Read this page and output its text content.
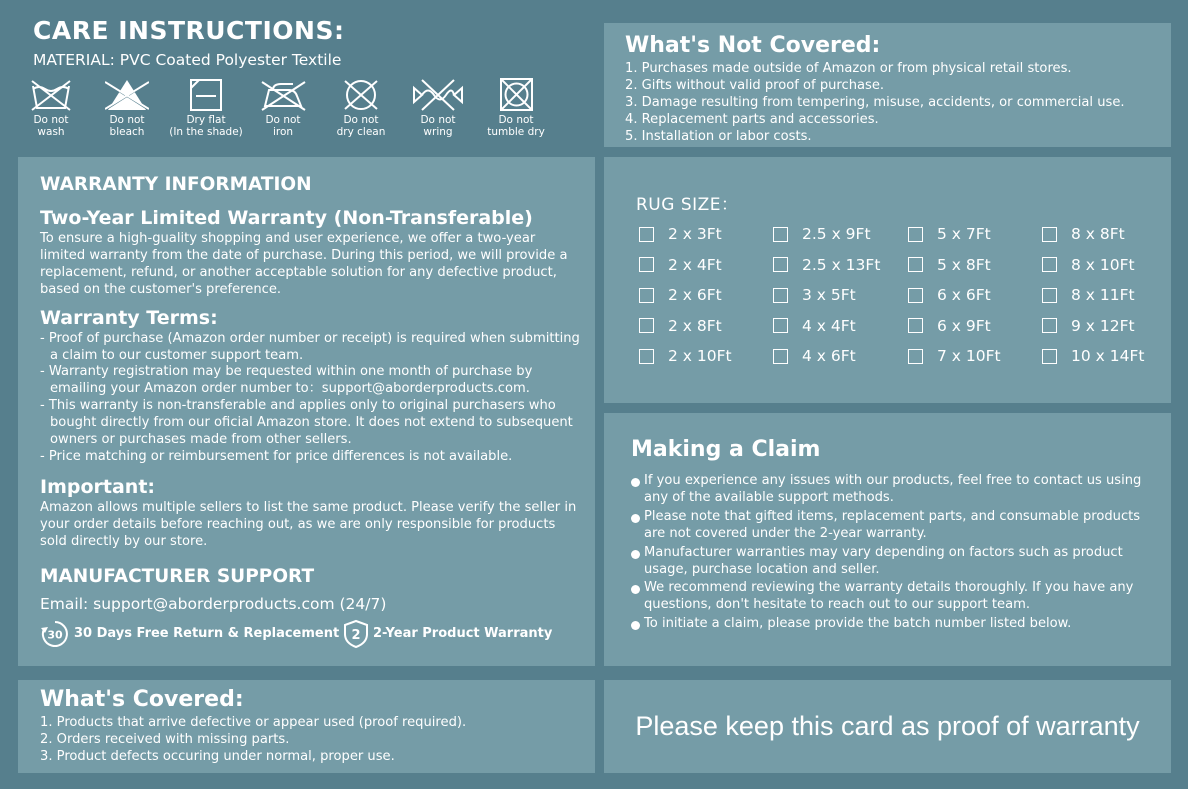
CARE INSTRUCTIONS:
MATERIAL: PVC Coated Polyester Textile
Do not
wash
Do not
bleach
Dry flat
(In the shade)
Do not
iron
Do not
dry clean
Do not
wring
Do not
tumble dry
What's Not Covered:
1. Purchases made outside of Amazon or from physical retail stores.
2. Gifts without valid proof of purchase.
3. Damage resulting from tempering, misuse, accidents, or commercial use.
4. Replacement parts and accessories.
5. Installation or labor costs.
WARRANTY INFORMATION
Two-Year Limited Warranty (Non-Transferable)

To ensure a high-guality shopping and user experience, we offer a two-year limited warranty from the date of purchase. During this period, we will provide a replacement, refund, or another acceptable solution for any defective product, based on the customer's preference.

Warranty Terms:
- Proof of purchase (Amazon order number or receipt) is required when submitting a claim to our customer support team.
- Warranty registration may be requested within one month of purchase by emailing your Amazon order number to：support@aborderproducts.com.
- This warranty is non-transferable and applies only to original purchasers who bought directly from our oficial Amazon store. It does not extend to subsequent owners or purchases made from other sellers.
- Price matching or reimbursement for price differences is not available.
Important:

Amazon allows multiple sellers to list the same product. Please verify the seller in your order details before reaching out, as we are only responsible for products sold directly by our store.

MANUFACTURER SUPPORT
Email: support@aborderproducts.com (24/7)
30 30 Days Free Return & Replacement 2 2-Year Product Warranty
RUG SIZE：
2 x 3Ft
2 x 4Ft
2 x 6Ft
2 x 8Ft
2 x 10Ft
2.5 x 9Ft
2.5 x 13Ft
3 x 5Ft
4 x 4Ft
4 x 6Ft
5 x 7Ft
5 x 8Ft
6 x 6Ft
6 x 9Ft
7 x 10Ft
8 x 8Ft
8 x 10Ft
8 x 11Ft
9 x 12Ft
10 x 14Ft
Making a Claim
If you experience any issues with our products, feel free to contact us using any of the available support methods.
Please note that gifted items, replacement parts, and consumable products are not covered under the 2-year warranty.
Manufacturer warranties may vary depending on factors such as product usage, purchase location and seller.
We recommend reviewing the warranty details thoroughly. If you have any questions, don't hesitate to reach out to our support team.
To initiate a claim, please provide the batch number listed below.
What's Covered:
1. Products that arrive defective or appear used (proof required).
2. Orders received with missing parts.
3. Product defects occuring under normal, proper use.
Please keep this card as proof of warranty
